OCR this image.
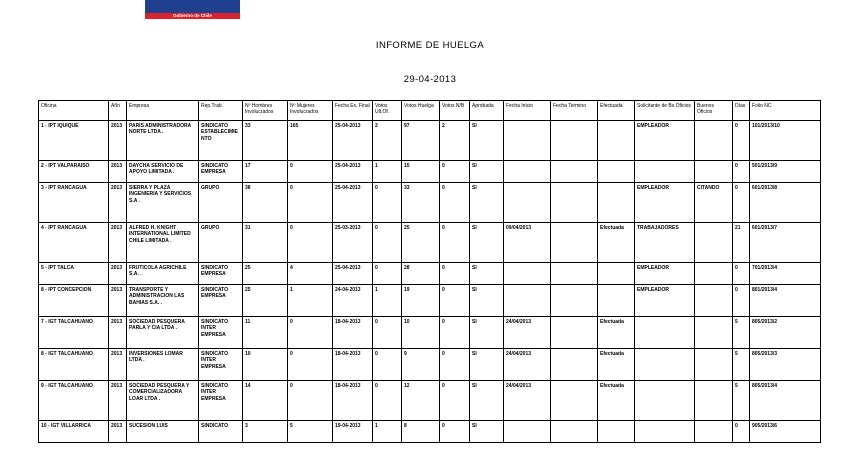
Gobierno de Chile
INFORME DE HUELGA
29-04-2013
Oficina	Año	Empresa	Rep.Trab.	Nº Hombres Involucrados	Nº Mujeres Involucrados	Fecha Ex. Final	Votos Ult.Of.	Votos Huelga	Votos N/B	Aprobada	Fecha Inicio	Fecha Termino	Efectuada	Solicitante de Bs.Oficios	Buenos Oficios	Días	Folio NC
1 - IPT IQUIQUE	2013	PARIS ADMINISTRADORA NORTE LTDA .	SINDICATO ESTABLECIMIENTO	33	165	25-04-2013	2	97	2	SI				EMPLEADOR		0	101/2013/10
2 - IPT VALPARAISO	2013	DAYCHA SERVICIO DE APOYO LIMITADA .	SINDICATO EMPRESA	17	0	25-04-2013	1	15	0	SI						0	501/2013/9
3 - IPT RANCAGUA	2013	SIERRA Y PLAZA INGENIERIA Y SERVICIOS S.A .	GRUPO	38	0	25-04-2013	0	33	0	SI				EMPLEADOR	CITANDO	0	601/2013/8
4 - IPT RANCAGUA	2013	ALFRED H. KNIGHT INTERNATIONAL LIMITED CHILE LIMITADA .	GRUPO	31	0	25-03-2013	0	25	0	SI	09/04/2013		Efectuada	TRABAJADORES		21	601/2013/7
5 - IPT TALCA	2013	FRUTICOLA AGRICHILE S.A. .	SINDICATO EMPRESA	25	4	25-04-2013	0	28	0	SI				EMPLEADOR		0	701/2013/4
8 - IPT CONCEPCION	2013	TRANSPORTE Y ADMINISTRACION LAS BAHIAS S.A. .	SINDICATO EMPRESA	25	1	24-04-2013	1	19	0	SI				EMPLEADOR		0	801/2013/4
7 - IGT TALCAHUANO	2013	SOCIEDAD PESQUERA PARLA Y CIA LTDA .	SINDICATO INTER EMPRESA	11	0	18-04-2013	0	10	0	SI	24/04/2013		Efectuada			5	805/2013/2
8 - IGT TALCAHUANO	2013	INVERSIONES LOMAR LTDA .	SINDICATO INTER EMPRESA	10	0	18-04-2013	0	9	0	SI	24/04/2013		Efectuada			5	805/2013/3
9 - IGT TALCAHUANO	2013	SOCIEDAD PESQUERA Y COMERCIALIZADORA LOAR LTDA .	SINDICATO INTER EMPRESA	14	0	18-04-2013	0	12	0	SI	24/04/2013		Efectuada			5	805/2013/4
10 - IGT VILLARRICA	2013	SUCESION LUIS	SINDICATO	3	5	19-04-2013	1	8	0	SI						0	905/2013/6
